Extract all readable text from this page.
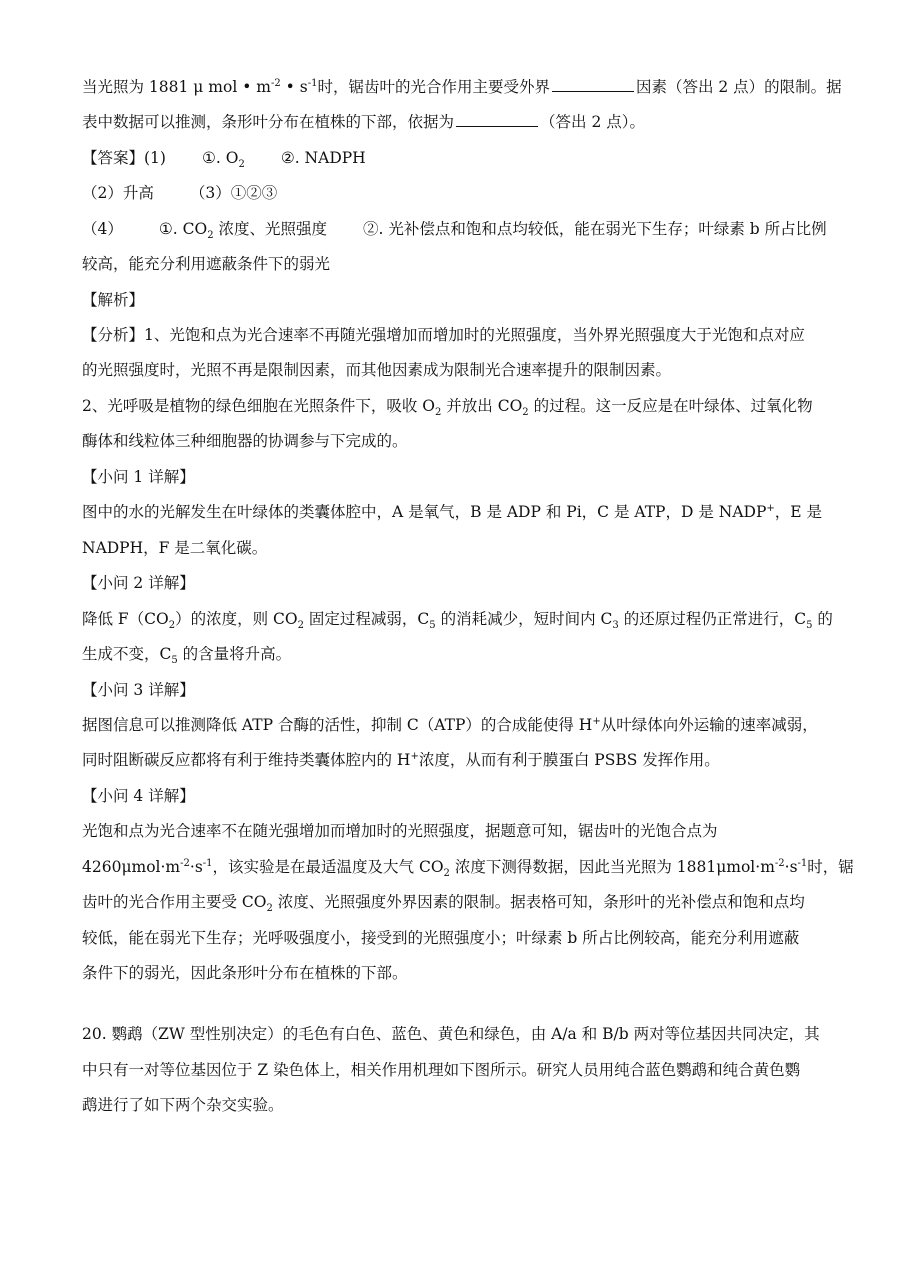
当光照为 1881 μ mol • $m^{-2}$ • $s^{-1}$时，锯齿叶的光合作用主要受外界	因素（答出 2 点）的限制。据
表中数据可以推测，条形叶分布在植株的下部，依据为	（答出 2 点）。
【答案】(1) ①. $O_2$ ②. NADPH
（2）升高 （3）①②③
（4） ①. $CO_2$ 浓度、光照强度 ②. 光补偿点和饱和点均较低，能在弱光下生存；叶绿素 b 所占比例
较高，能充分利用遮蔽条件下的弱光
【解析】
【分析】1、光饱和点为光合速率不再随光强增加而增加时的光照强度，当外界光照强度大于光饱和点对应
的光照强度时，光照不再是限制因素，而其他因素成为限制光合速率提升的限制因素。
2、光呼吸是植物的绿色细胞在光照条件下，吸收 $O_2$ 并放出 $CO_2$ 的过程。这一反应是在叶绿体、过氧化物
酶体和线粒体三种细胞器的协调参与下完成的。
【小问 1 详解】
图中的水的光解发生在叶绿体的类囊体腔中，A 是氧气，B 是 ADP 和 Pi，C 是 ATP，D 是 NADP+，E 是
NADPH，F 是二氧化碳。
【小问 2 详解】
降低 $F(CO_2)$的浓度，则 $CO_2$ 固定过程减弱，$C_5$ 的消耗减少，短时间内 $C_3$ 的还原过程仍正常进行，$C_5$ 的
生成不变，$C_5$ 的含量将升高。
【小问 3 详解】
据图信息可以推测降低 ATP 合酶的活性，抑制 C（ATP）的合成能使得 H+从叶绿体向外运输的速率减弱，
同时阻断碳反应都将有利于维持类囊体腔内的 H+浓度，从而有利于膜蛋白 PSBS 发挥作用。
【小问 4 详解】
光饱和点为光合速率不在随光强增加而增加时的光照强度，据题意可知，锯齿叶的光饱合点为
$4260\mu mol\cdot m^{-2}\cdot s^{-1}$，该实验是在最适温度及大气 $CO_2$ 浓度下测得数据，因此当光照为 $1881\mu mol\cdot m^{-2}\cdot s^{-1}$时，锯
齿叶的光合作用主要受 $CO_2$ 浓度、光照强度外界因素的限制。据表格可知，条形叶的光补偿点和饱和点均
较低，能在弱光下生存；光呼吸强度小，接受到的光照强度小；叶绿素 b 所占比例较高，能充分利用遮蔽
条件下的弱光，因此条形叶分布在植株的下部。
20. 鹦鹉（ZW 型性别决定）的毛色有白色、蓝色、黄色和绿色，由 A/a 和 B/b 两对等位基因共同决定，其
中只有一对等位基因位于 Z 染色体上，相关作用机理如下图所示。研究人员用纯合蓝色鹦鹉和纯合黄色鹦
鹉进行了如下两个杂交实验。
